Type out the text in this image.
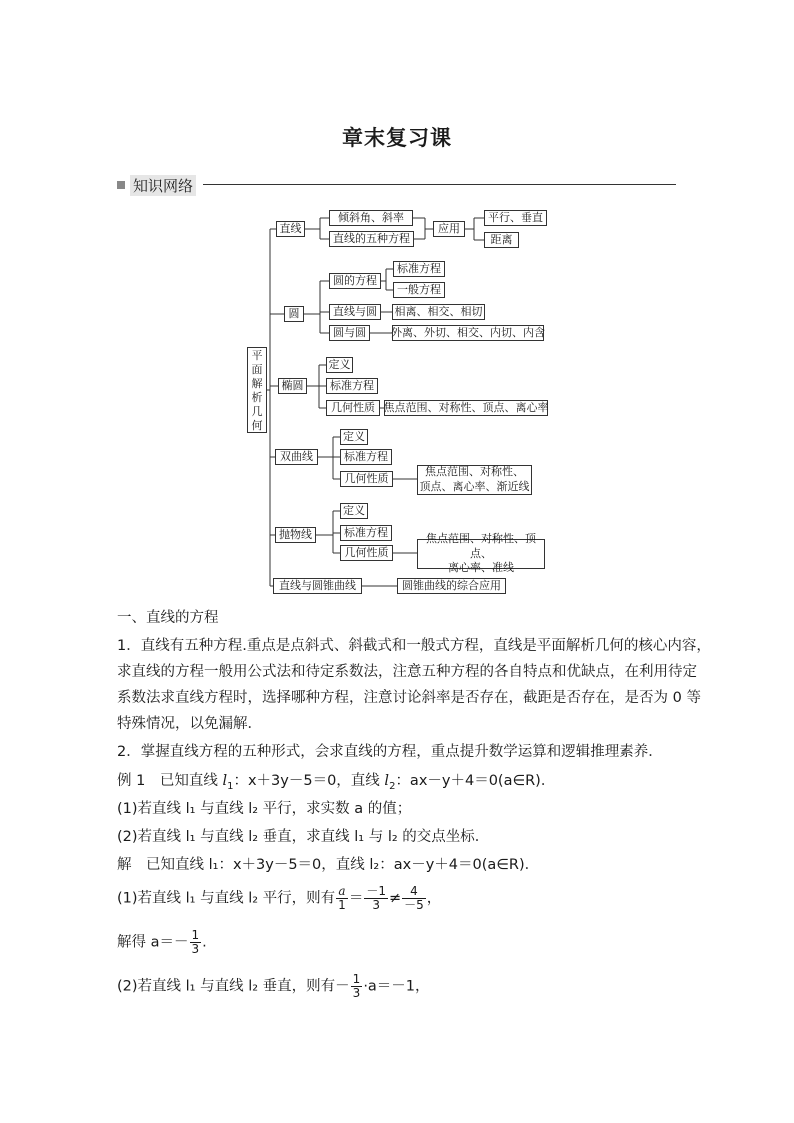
章末复习课
知识网络
平
面
解
析
几
何
直线
倾斜角、斜率
直线的五种方程
应用
平行、垂直
距离
圆
圆的方程
标准方程
一般方程
直线与圆	相离、相交、相切
圆与圆	外离、外切、相交、内切、内含
椭圆
定义
标准方程
几何性质 焦点范围、对称性、顶点、离心率
双曲线
定义
标准方程
几何性质
焦点范围、对称性、
顶点、离心率、渐近线
抛物线
定义
标准方程
几何性质
焦点范围、对称性、顶点、
离心率、准线
直线与圆锥曲线	圆锥曲线的综合应用
一、直线的方程
1．直线有五种方程.重点是点斜式、斜截式和一般式方程，直线是平面解析几何的核心内容，
求直线的方程一般用公式法和待定系数法，注意五种方程的各自特点和优缺点，在利用待定
系数法求直线方程时，选择哪种方程，注意讨论斜率是否存在，截距是否存在，是否为 0 等
特殊情况，以免漏解．
2．掌握直线方程的五种形式，会求直线的方程，重点提升数学运算和逻辑推理素养．
例 1　已知直线 $l_1$：x＋3y－5＝0，直线 $l_2$：ax－y＋4＝0(a∈R)．
(1)若直线 l₁ 与直线 l₂ 平行，求实数 a 的值；
(2)若直线 l₁ 与直线 l₂ 垂直，求直线 l₁ 与 l₂ 的交点坐标．
解　已知直线 l₁：x＋3y－5＝0，直线 l₂：ax－y＋4＝0(a∈R)．
(1)若直线 l₁ 与直线 l₂ 平行，则有 $\frac{a}{1} = \frac{-1}{3} \ne \frac{4}{-5}$ ，
解得 $a=- \frac{1}{3}$ .
(2)若直线 l₁ 与直线 l₂ 垂直，则有－ $\frac{1}{3} \cdot a=-1$，
